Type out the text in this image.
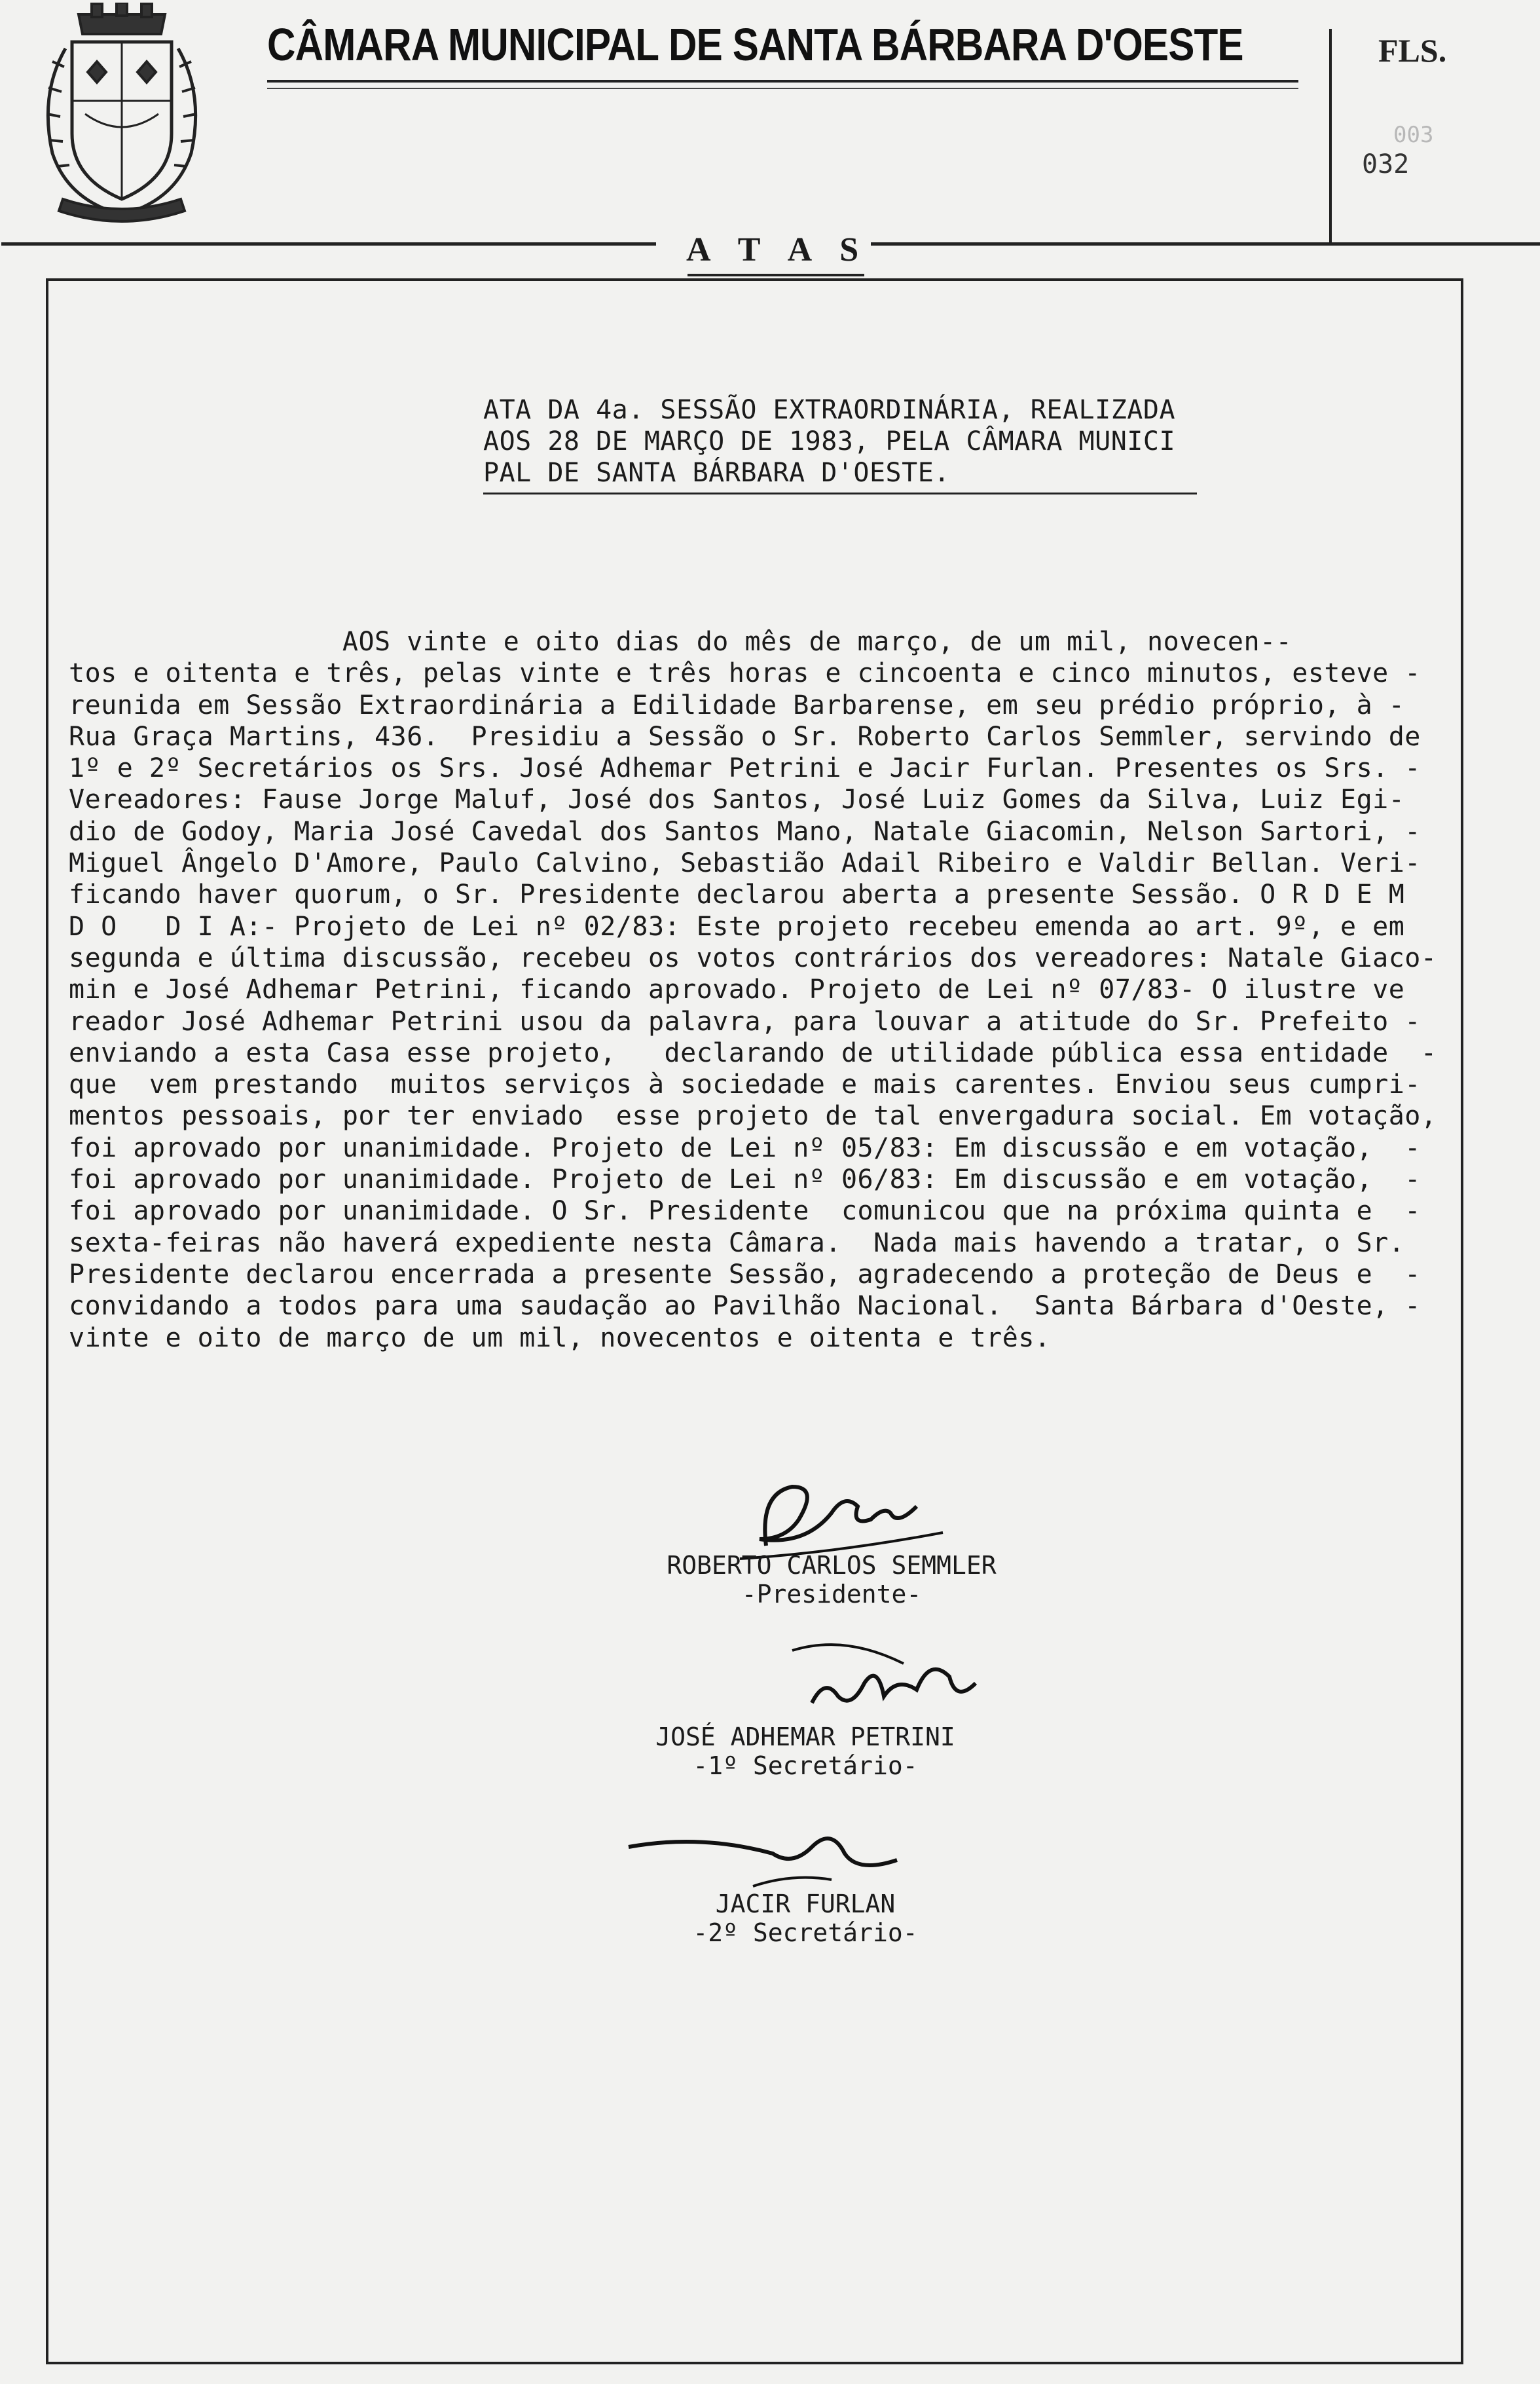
CÂMARA MUNICIPAL DE SANTA BÁRBARA D'OESTE	FLS.
003
032
A T A S
ATA DA 4a. SESSÃO EXTRAORDINÁRIA, REALIZADA
AOS 28 DE MARÇO DE 1983, PELA CÂMARA MUNICI
PAL DE SANTA BÁRBARA D'OESTE.
AOS vinte e oito dias do mês de março, de um mil, novecen--
tos e oitenta e três, pelas vinte e três horas e cincoenta e cinco minutos, esteve -
reunida em Sessão Extraordinária a Edilidade Barbarense, em seu prédio próprio, à -
Rua Graça Martins, 436.  Presidiu a Sessão o Sr. Roberto Carlos Semmler, servindo de
1º e 2º Secretários os Srs. José Adhemar Petrini e Jacir Furlan. Presentes os Srs. -
Vereadores: Fause Jorge Maluf, José dos Santos, José Luiz Gomes da Silva, Luiz Egi-
dio de Godoy, Maria José Cavedal dos Santos Mano, Natale Giacomin, Nelson Sartori, -
Miguel Ângelo D'Amore, Paulo Calvino, Sebastião Adail Ribeiro e Valdir Bellan. Veri-
ficando haver quorum, o Sr. Presidente declarou aberta a presente Sessão. O R D E M
D O   D I A:- Projeto de Lei nº 02/83: Este projeto recebeu emenda ao art. 9º, e em
segunda e última discussão, recebeu os votos contrários dos vereadores: Natale Giaco-
min e José Adhemar Petrini, ficando aprovado. Projeto de Lei nº 07/83- O ilustre ve
reador José Adhemar Petrini usou da palavra, para louvar a atitude do Sr. Prefeito -
enviando a esta Casa esse projeto,   declarando de utilidade pública essa entidade  -
que  vem prestando  muitos serviços à sociedade e mais carentes. Enviou seus cumpri-
mentos pessoais, por ter enviado  esse projeto de tal envergadura social. Em votação,
foi aprovado por unanimidade. Projeto de Lei nº 05/83: Em discussão e em votação,  -
foi aprovado por unanimidade. Projeto de Lei nº 06/83: Em discussão e em votação,  -
foi aprovado por unanimidade. O Sr. Presidente  comunicou que na próxima quinta e  -
sexta-feiras não haverá expediente nesta Câmara.  Nada mais havendo a tratar, o Sr.
Presidente declarou encerrada a presente Sessão, agradecendo a proteção de Deus e  -
convidando a todos para uma saudação ao Pavilhão Nacional.  Santa Bárbara d'Oeste, -
vinte e oito de março de um mil, novecentos e oitenta e três.
ROBERTO CARLOS SEMMLER
-Presidente-
JOSÉ ADHEMAR PETRINI
-1º Secretário-
JACIR FURLAN
-2º Secretário-
